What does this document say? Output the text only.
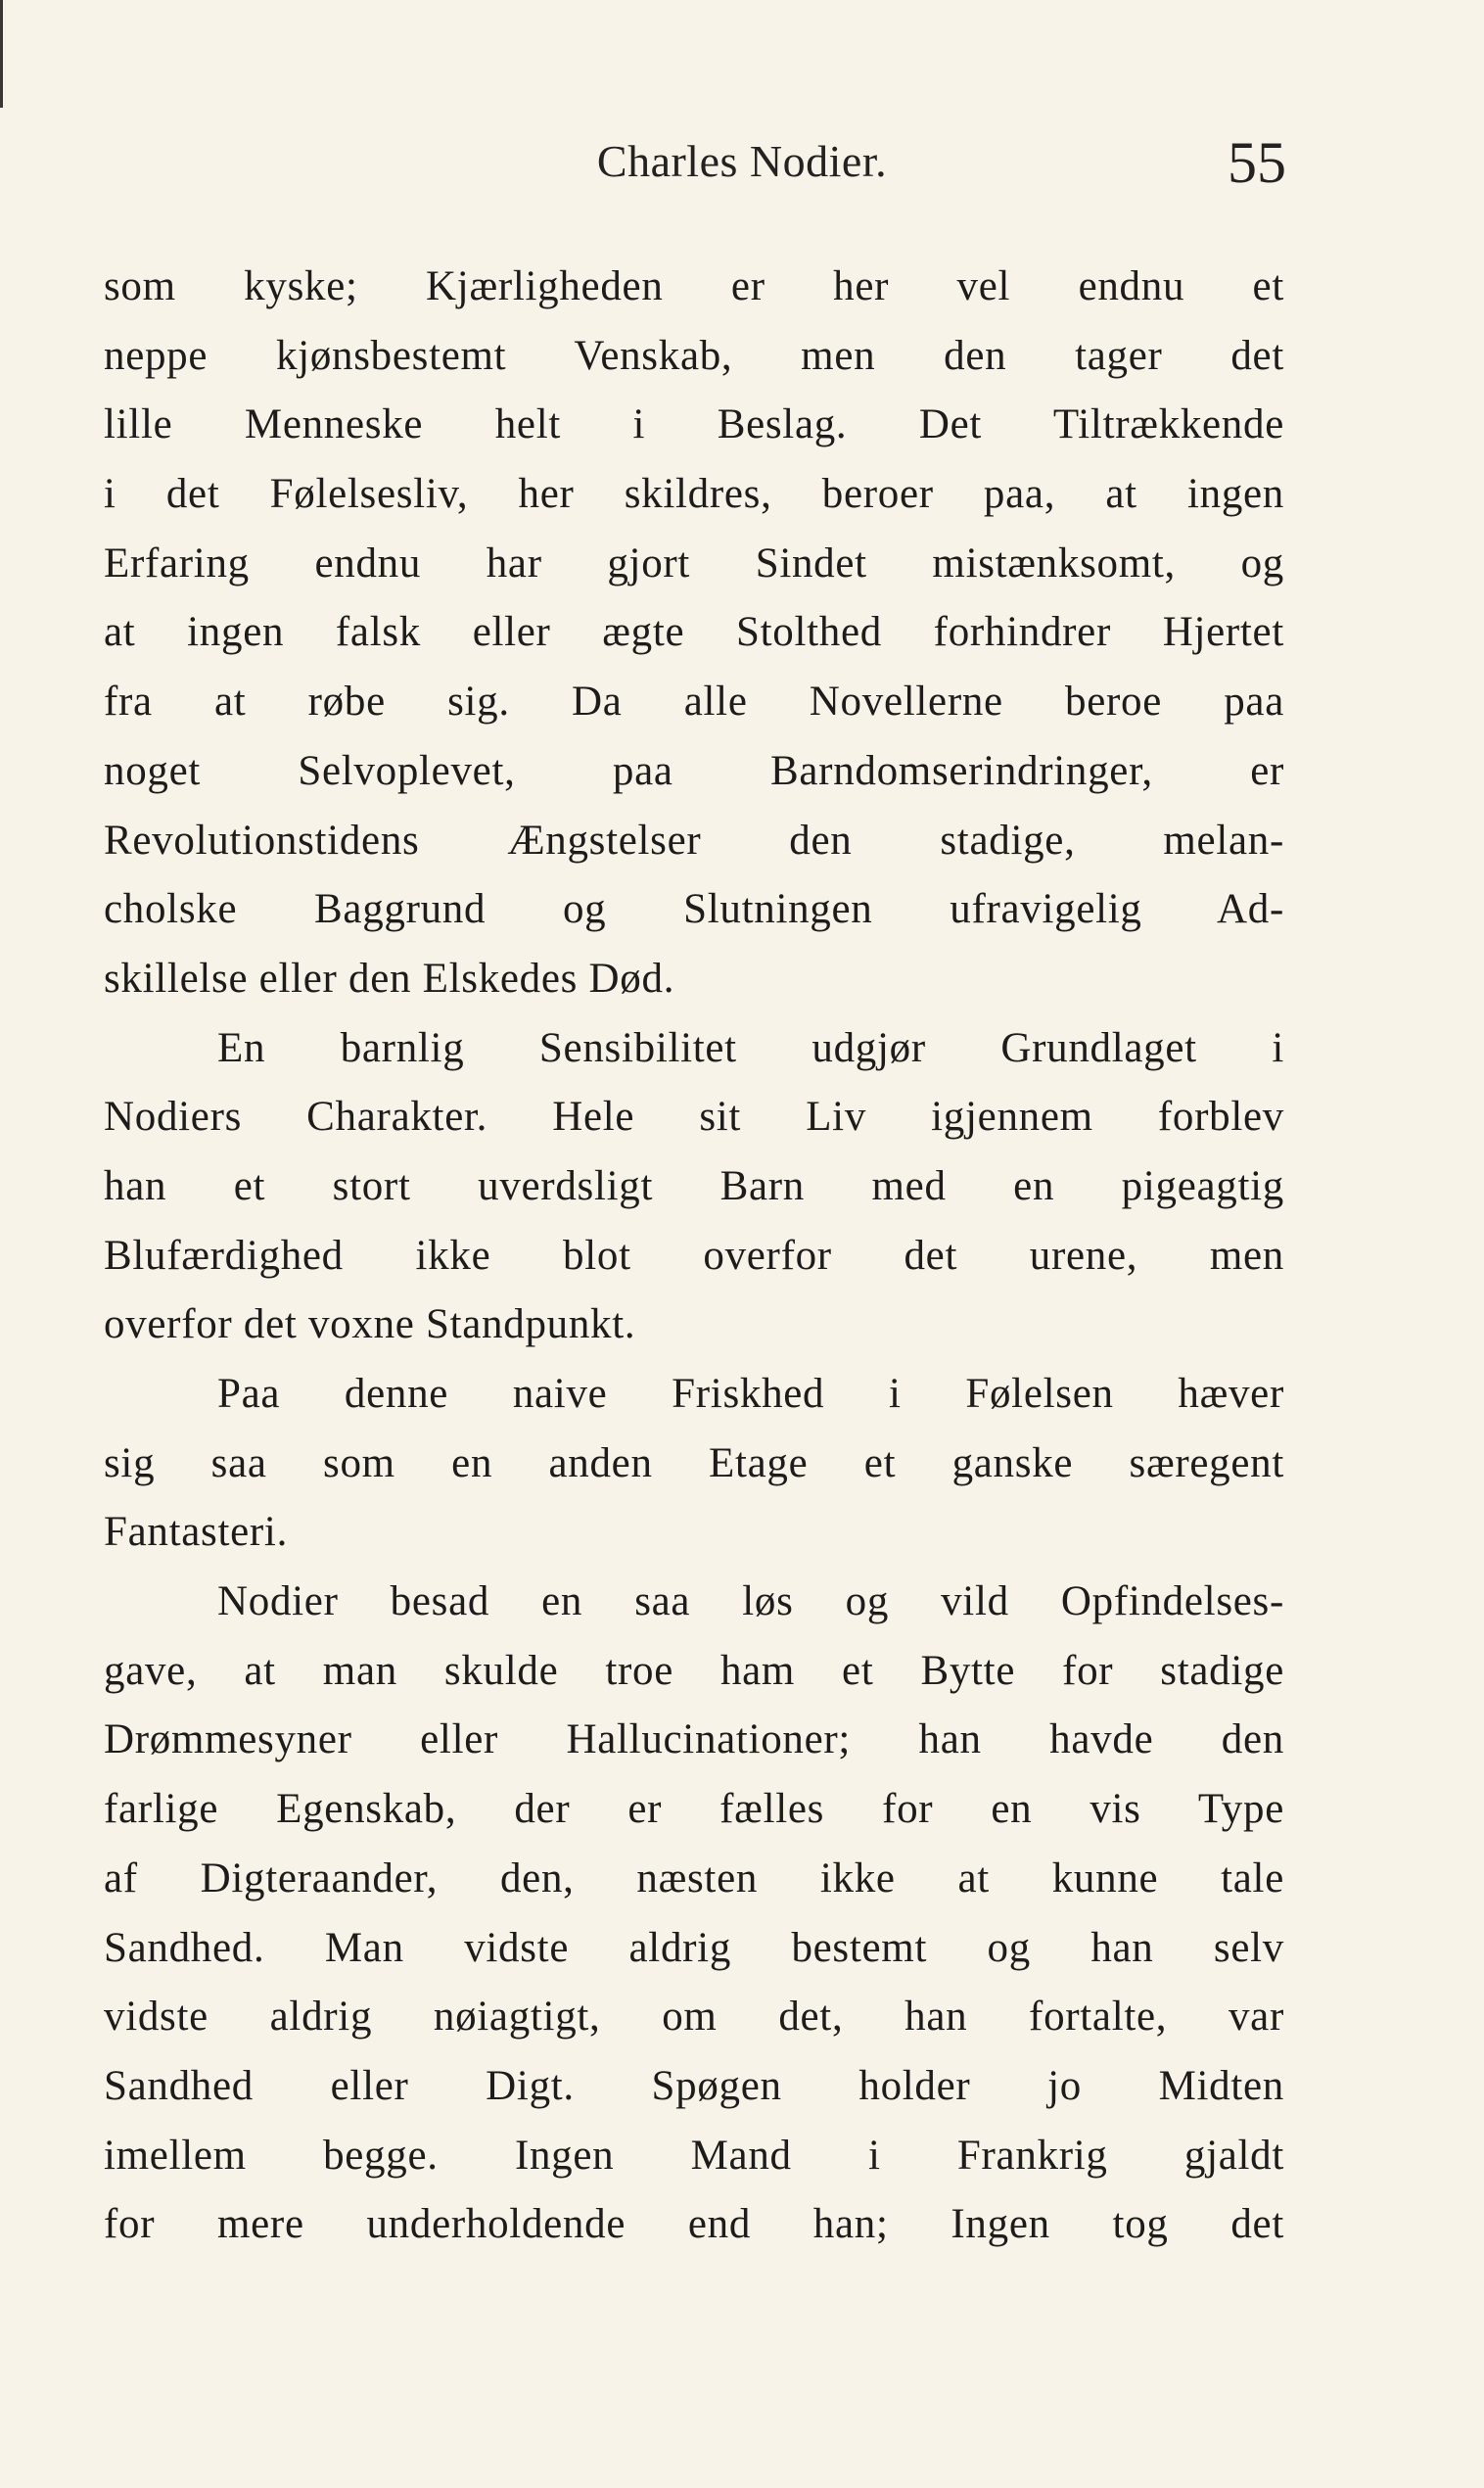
Charles Nodier.	55
som kyske; Kjærligheden er her vel endnu et
neppe kjønsbestemt Venskab, men den tager det
lille Menneske helt i Beslag. Det Tiltrækkende
i det Følelsesliv, her skildres, beroer paa, at ingen
Erfaring endnu har gjort Sindet mistænksomt, og
at ingen falsk eller ægte Stolthed forhindrer Hjertet
fra at røbe sig. Da alle Novellerne beroe paa
noget Selvoplevet, paa Barndomserindringer, er
Revolutionstidens Ængstelser den stadige, melan-
cholske Baggrund og Slutningen ufravigelig Ad-
skillelse eller den Elskedes Død.
En barnlig Sensibilitet udgjør Grundlaget i
Nodiers Charakter. Hele sit Liv igjennem forblev
han et stort uverdsligt Barn med en pigeagtig
Blufærdighed ikke blot overfor det urene, men
overfor det voxne Standpunkt.
Paa denne naive Friskhed i Følelsen hæver
sig saa som en anden Etage et ganske særegent
Fantasteri.
Nodier besad en saa løs og vild Opfindelses-
gave, at man skulde troe ham et Bytte for stadige
Drømmesyner eller Hallucinationer; han havde den
farlige Egenskab, der er fælles for en vis Type
af Digteraander, den, næsten ikke at kunne tale
Sandhed. Man vidste aldrig bestemt og han selv
vidste aldrig nøiagtigt, om det, han fortalte, var
Sandhed eller Digt. Spøgen holder jo Midten
imellem begge. Ingen Mand i Frankrig gjaldt
for mere underholdende end han; Ingen tog det
